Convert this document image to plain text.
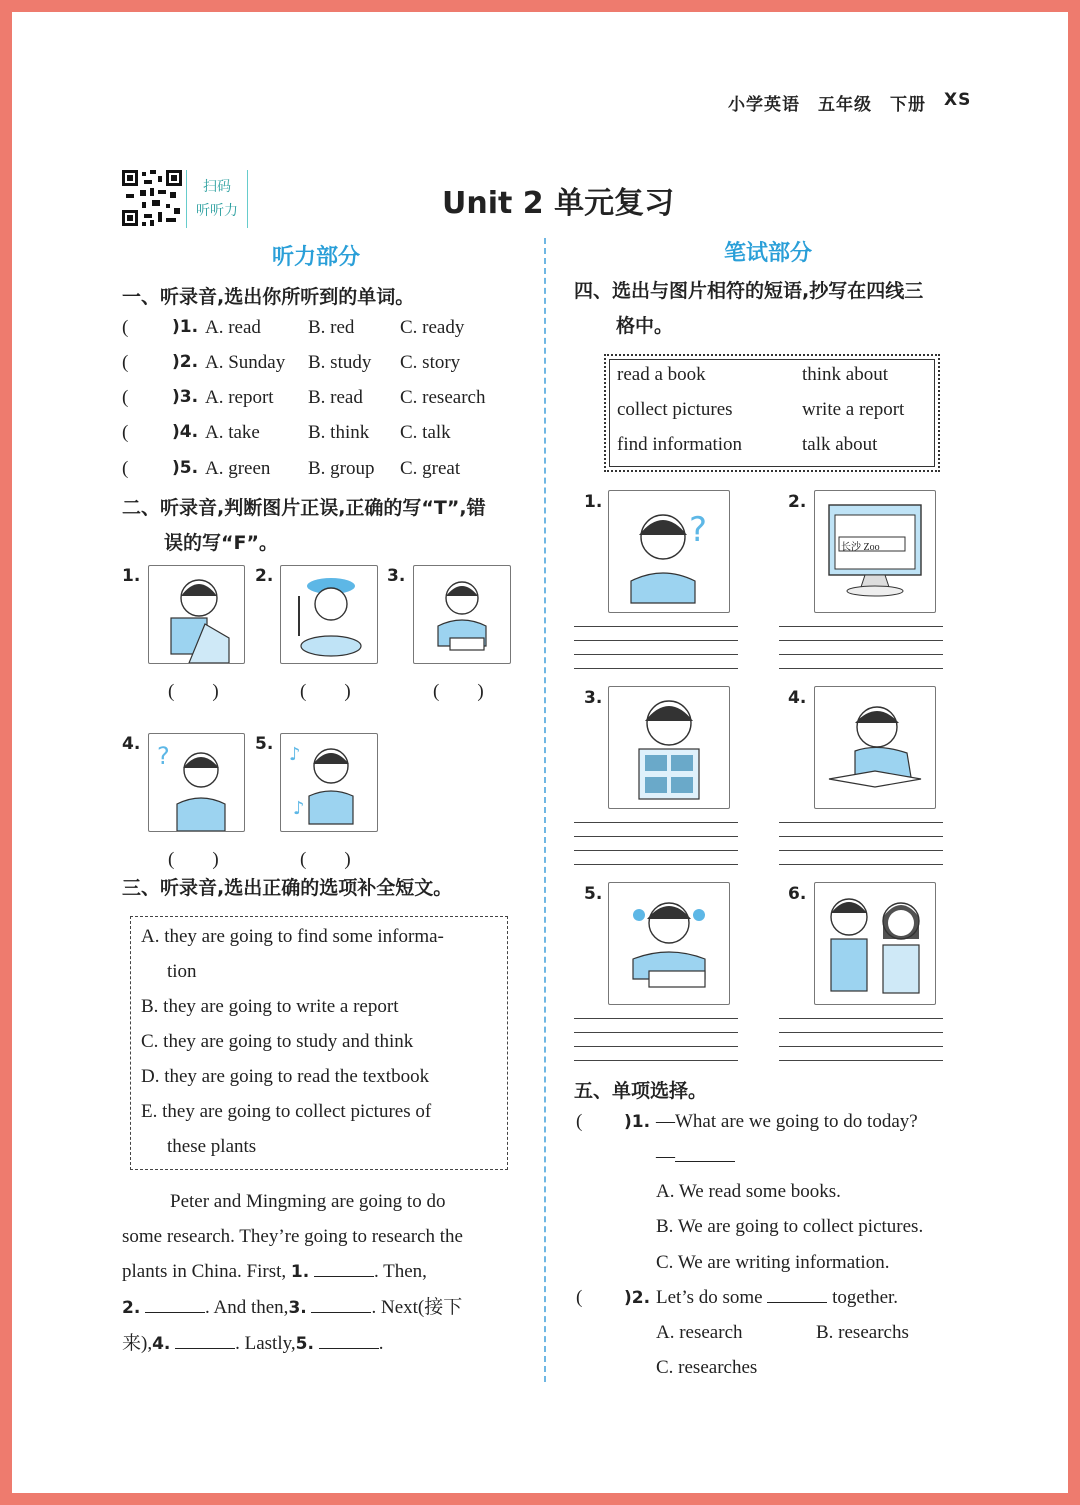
小学英语 五年级 下册 XS
扫码
听听力	Unit 2 单元复习
听力部分
一、听录音,选出你所听到的单词。
(	)1. A. read B. red C. ready
(	)2. A. Sunday B. study C. story
(	)3. A. report B. read C. research
(	)4. A. take	B. think C. talk
(	)5. A. green B. group C. great
二、听录音,判断图片正误,正确的写“T”,错
误的写“F”。
1.	2.	3.
(　　)	(　　)	(　　)
4. ?	5. ♪
♪
(　　)	(　　)
三、听录音,选出正确的选项补全短文。
A. they are going to find some informa-
tion
B. they are going to write a report
C. they are going to study and think
D. they are going to read the textbook
E. they are going to collect pictures of
these plants
Peter and Mingming are going to do
some research. They’re going to research the
plants in China. First, 1.	. Then,
2.	. And then,3.	. Next(接下
来),4.	. Lastly,5.	.
笔试部分
四、选出与图片相符的短语,抄写在四线三
格中。
read a book	think about
collect pictures	write a report
find information	talk about
1.
?
2.
长沙 Zoo
3.	4.
5.	6.
五、单项选择。
( )1. —What are we going to do today?
—
A. We read some books.
B. We are going to collect pictures.
C. We are writing information.
( )2. Let’s do some	together.
A. research	B. researchs
C. researches
